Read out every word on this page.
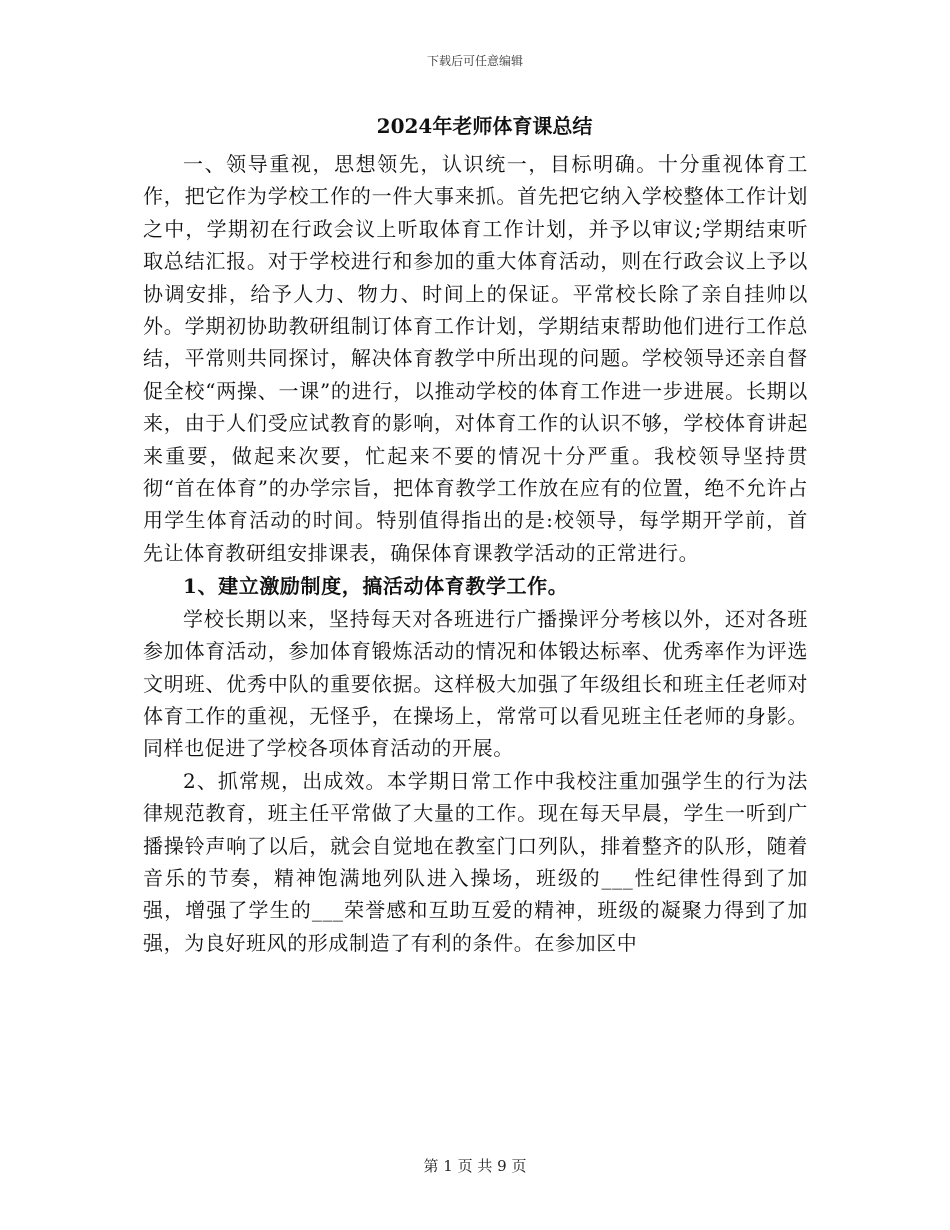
下载后可任意编辑
2024年老师体育课总结

一、领导重视，思想领先，认识统一，目标明确。十分重视体育工作，把它作为学校工作的一件大事来抓。首先把它纳入学校整体工作计划之中，学期初在行政会议上听取体育工作计划，并予以审议;学期结束听取总结汇报。对于学校进行和参加的重大体育活动，则在行政会议上予以协调安排，给予人力、物力、时间上的保证。平常校长除了亲自挂帅以外。学期初协助教研组制订体育工作计划，学期结束帮助他们进行工作总结，平常则共同探讨，解决体育教学中所出现的问题。学校领导还亲自督促全校“两操、一课”的进行，以推动学校的体育工作进一步进展。长期以来，由于人们受应试教育的影响，对体育工作的认识不够，学校体育讲起来重要，做起来次要，忙起来不要的情况十分严重。我校领导坚持贯彻“首在体育”的办学宗旨，把体育教学工作放在应有的位置，绝不允许占用学生体育活动的时间。特别值得指出的是:校领导，每学期开学前，首先让体育教研组安排课表，确保体育课教学活动的正常进行。

1、建立激励制度，搞活动体育教学工作。

学校长期以来，坚持每天对各班进行广播操评分考核以外，还对各班参加体育活动，参加体育锻炼活动的情况和体锻达标率、优秀率作为评选文明班、优秀中队的重要依据。这样极大加强了年级组长和班主任老师对体育工作的重视，无怪乎，在操场上，常常可以看见班主任老师的身影。同样也促进了学校各项体育活动的开展。

2、抓常规，出成效。本学期日常工作中我校注重加强学生的行为法律规范教育，班主任平常做了大量的工作。现在每天早晨，学生一听到广播操铃声响了以后，就会自觉地在教室门口列队，排着整齐的队形，随着音乐的节奏，精神饱满地列队进入操场，班级的___性纪律性得到了加强，增强了学生的___荣誉感和互助互爱的精神，班级的凝聚力得到了加强，为良好班风的形成制造了有利的条件。在参加区中

第 1 页 共 9 页
